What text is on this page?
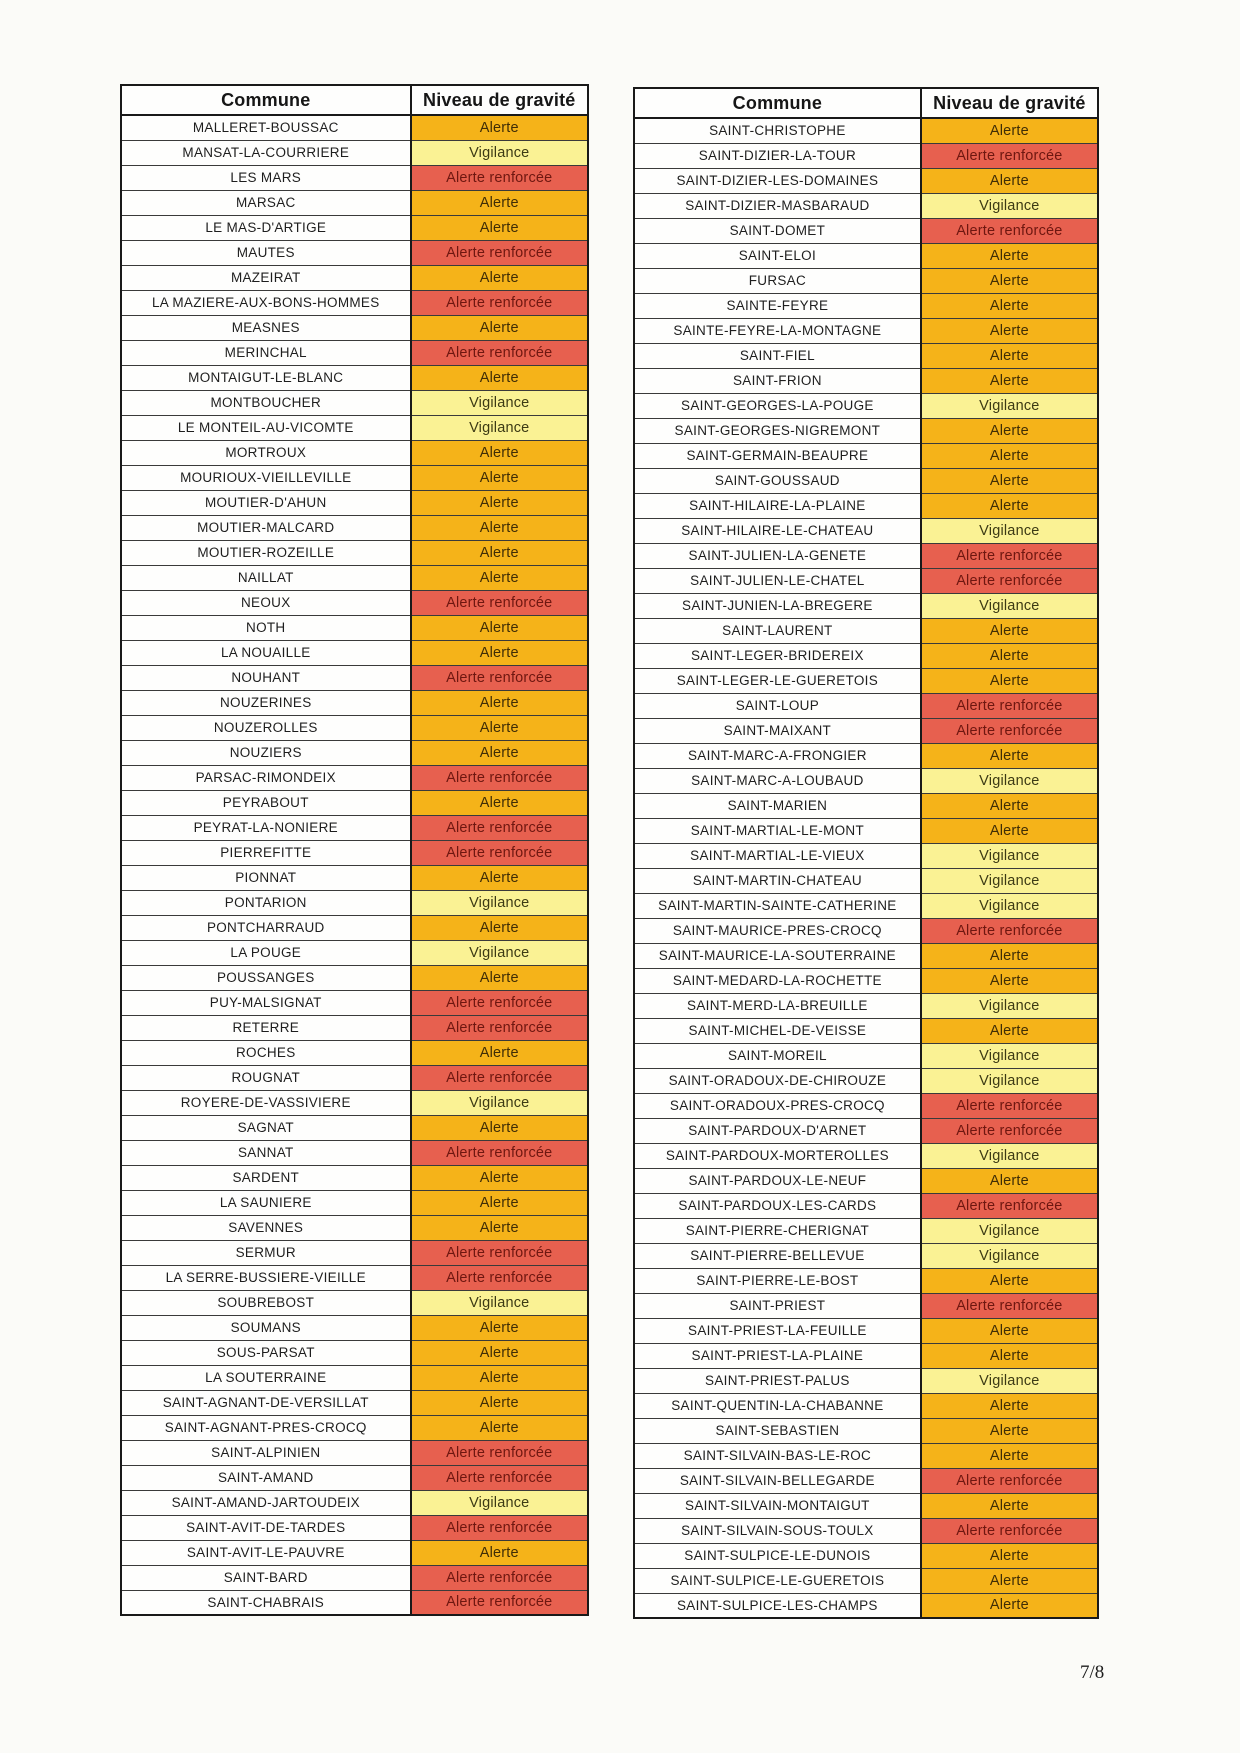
Commune	Niveau de gravité
MALLERET-BOUSSAC	Alerte
MANSAT-LA-COURRIERE	Vigilance
LES MARS	Alerte renforcée
MARSAC	Alerte
LE MAS-D'ARTIGE	Alerte
MAUTES	Alerte renforcée
MAZEIRAT	Alerte
LA MAZIERE-AUX-BONS-HOMMES	Alerte renforcée
MEASNES	Alerte
MERINCHAL	Alerte renforcée
MONTAIGUT-LE-BLANC	Alerte
MONTBOUCHER	Vigilance
LE MONTEIL-AU-VICOMTE	Vigilance
MORTROUX	Alerte
MOURIOUX-VIEILLEVILLE	Alerte
MOUTIER-D'AHUN	Alerte
MOUTIER-MALCARD	Alerte
MOUTIER-ROZEILLE	Alerte
NAILLAT	Alerte
NEOUX	Alerte renforcée
NOTH	Alerte
LA NOUAILLE	Alerte
NOUHANT	Alerte renforcée
NOUZERINES	Alerte
NOUZEROLLES	Alerte
NOUZIERS	Alerte
PARSAC-RIMONDEIX	Alerte renforcée
PEYRABOUT	Alerte
PEYRAT-LA-NONIERE	Alerte renforcée
PIERREFITTE	Alerte renforcée
PIONNAT	Alerte
PONTARION	Vigilance
PONTCHARRAUD	Alerte
LA POUGE	Vigilance
POUSSANGES	Alerte
PUY-MALSIGNAT	Alerte renforcée
RETERRE	Alerte renforcée
ROCHES	Alerte
ROUGNAT	Alerte renforcée
ROYERE-DE-VASSIVIERE	Vigilance
SAGNAT	Alerte
SANNAT	Alerte renforcée
SARDENT	Alerte
LA SAUNIERE	Alerte
SAVENNES	Alerte
SERMUR	Alerte renforcée
LA SERRE-BUSSIERE-VIEILLE	Alerte renforcée
SOUBREBOST	Vigilance
SOUMANS	Alerte
SOUS-PARSAT	Alerte
LA SOUTERRAINE	Alerte
SAINT-AGNANT-DE-VERSILLAT	Alerte
SAINT-AGNANT-PRES-CROCQ	Alerte
SAINT-ALPINIEN	Alerte renforcée
SAINT-AMAND	Alerte renforcée
SAINT-AMAND-JARTOUDEIX	Vigilance
SAINT-AVIT-DE-TARDES	Alerte renforcée
SAINT-AVIT-LE-PAUVRE	Alerte
SAINT-BARD	Alerte renforcée
SAINT-CHABRAIS	Alerte renforcée
Commune	Niveau de gravité
SAINT-CHRISTOPHE	Alerte
SAINT-DIZIER-LA-TOUR	Alerte renforcée
SAINT-DIZIER-LES-DOMAINES	Alerte
SAINT-DIZIER-MASBARAUD	Vigilance
SAINT-DOMET	Alerte renforcée
SAINT-ELOI	Alerte
FURSAC	Alerte
SAINTE-FEYRE	Alerte
SAINTE-FEYRE-LA-MONTAGNE	Alerte
SAINT-FIEL	Alerte
SAINT-FRION	Alerte
SAINT-GEORGES-LA-POUGE	Vigilance
SAINT-GEORGES-NIGREMONT	Alerte
SAINT-GERMAIN-BEAUPRE	Alerte
SAINT-GOUSSAUD	Alerte
SAINT-HILAIRE-LA-PLAINE	Alerte
SAINT-HILAIRE-LE-CHATEAU	Vigilance
SAINT-JULIEN-LA-GENETE	Alerte renforcée
SAINT-JULIEN-LE-CHATEL	Alerte renforcée
SAINT-JUNIEN-LA-BREGERE	Vigilance
SAINT-LAURENT	Alerte
SAINT-LEGER-BRIDEREIX	Alerte
SAINT-LEGER-LE-GUERETOIS	Alerte
SAINT-LOUP	Alerte renforcée
SAINT-MAIXANT	Alerte renforcée
SAINT-MARC-A-FRONGIER	Alerte
SAINT-MARC-A-LOUBAUD	Vigilance
SAINT-MARIEN	Alerte
SAINT-MARTIAL-LE-MONT	Alerte
SAINT-MARTIAL-LE-VIEUX	Vigilance
SAINT-MARTIN-CHATEAU	Vigilance
SAINT-MARTIN-SAINTE-CATHERINE	Vigilance
SAINT-MAURICE-PRES-CROCQ	Alerte renforcée
SAINT-MAURICE-LA-SOUTERRAINE	Alerte
SAINT-MEDARD-LA-ROCHETTE	Alerte
SAINT-MERD-LA-BREUILLE	Vigilance
SAINT-MICHEL-DE-VEISSE	Alerte
SAINT-MOREIL	Vigilance
SAINT-ORADOUX-DE-CHIROUZE	Vigilance
SAINT-ORADOUX-PRES-CROCQ	Alerte renforcée
SAINT-PARDOUX-D'ARNET	Alerte renforcée
SAINT-PARDOUX-MORTEROLLES	Vigilance
SAINT-PARDOUX-LE-NEUF	Alerte
SAINT-PARDOUX-LES-CARDS	Alerte renforcée
SAINT-PIERRE-CHERIGNAT	Vigilance
SAINT-PIERRE-BELLEVUE	Vigilance
SAINT-PIERRE-LE-BOST	Alerte
SAINT-PRIEST	Alerte renforcée
SAINT-PRIEST-LA-FEUILLE	Alerte
SAINT-PRIEST-LA-PLAINE	Alerte
SAINT-PRIEST-PALUS	Vigilance
SAINT-QUENTIN-LA-CHABANNE	Alerte
SAINT-SEBASTIEN	Alerte
SAINT-SILVAIN-BAS-LE-ROC	Alerte
SAINT-SILVAIN-BELLEGARDE	Alerte renforcée
SAINT-SILVAIN-MONTAIGUT	Alerte
SAINT-SILVAIN-SOUS-TOULX	Alerte renforcée
SAINT-SULPICE-LE-DUNOIS	Alerte
SAINT-SULPICE-LE-GUERETOIS	Alerte
SAINT-SULPICE-LES-CHAMPS	Alerte
7/8
